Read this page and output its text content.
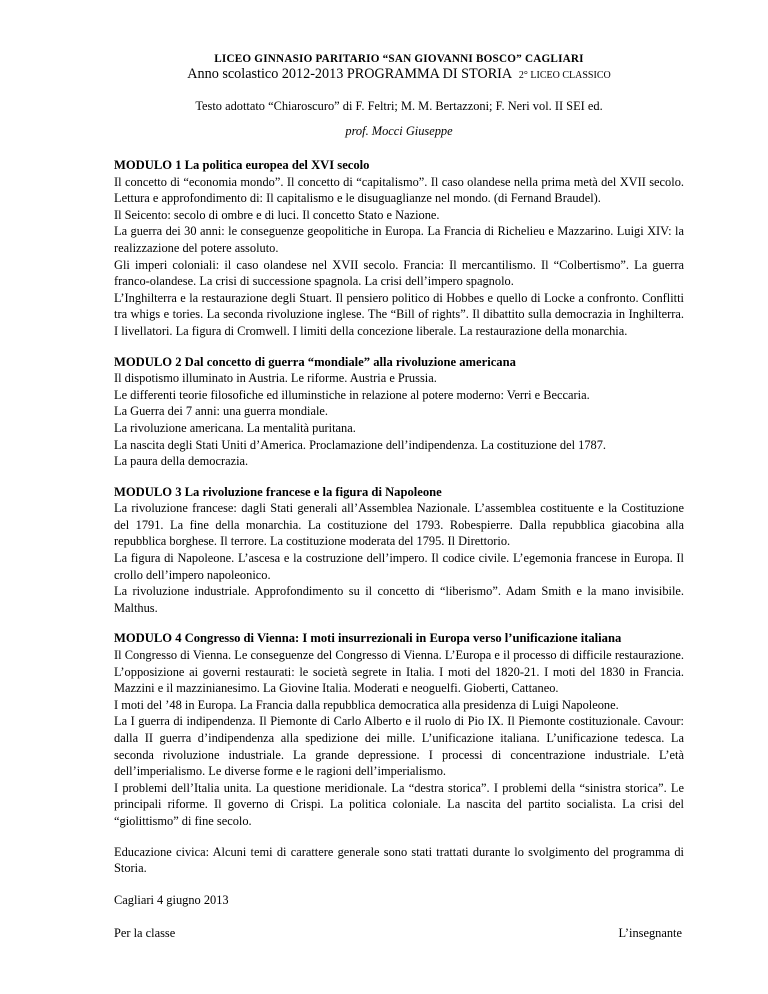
LICEO GINNASIO PARITARIO “SAN GIOVANNI BOSCO” CAGLIARI
Anno scolastico 2012-2013 PROGRAMMA DI STORIA 2° LICEO CLASSICO
Testo adottato “Chiaroscuro” di F. Feltri; M. M. Bertazzoni; F. Neri vol. II SEI ed.
prof. Mocci Giuseppe
MODULO 1 La politica europea del XVI secolo

Il concetto di “economia mondo”. Il concetto di “capitalismo”. Il caso olandese nella prima metà del XVII secolo. Lettura e approfondimento di: Il capitalismo e le disuguaglianze nel mondo. (di Fernand Braudel).

Il Seicento: secolo di ombre e di luci. Il concetto Stato e Nazione.

La guerra dei 30 anni: le conseguenze geopolitiche in Europa. La Francia di Richelieu e Mazzarino. Luigi XIV: la realizzazione del potere assoluto.

Gli imperi coloniali: il caso olandese nel XVII secolo. Francia: Il mercantilismo. Il “Colbertismo”. La guerra franco-olandese. La crisi di successione spagnola. La crisi dell’impero spagnolo.

L’Inghilterra e la restaurazione degli Stuart. Il pensiero politico di Hobbes e quello di Locke a confronto. Conflitti tra whigs e tories. La seconda rivoluzione inglese. The “Bill of rights”. Il dibattito sulla democrazia in Inghilterra. I livellatori. La figura di Cromwell. I limiti della concezione liberale. La restaurazione della monarchia.

MODULO 2 Dal concetto di guerra “mondiale” alla rivoluzione americana

Il dispotismo illuminato in Austria. Le riforme. Austria e Prussia.

Le differenti teorie filosofiche ed illuminstiche in relazione al potere moderno: Verri e Beccaria.

La Guerra dei 7 anni: una guerra mondiale.

La rivoluzione americana. La mentalità puritana.

La nascita degli Stati Uniti d’America. Proclamazione dell’indipendenza. La costituzione del 1787.

La paura della democrazia.

MODULO 3 La rivoluzione francese e la figura di Napoleone

La rivoluzione francese: dagli Stati generali all’Assemblea Nazionale. L’assemblea costituente e la Costituzione del 1791. La fine della monarchia. La costituzione del 1793. Robespierre. Dalla repubblica giacobina alla repubblica borghese. Il terrore. La costituzione moderata del 1795. Il Direttorio.

La figura di Napoleone. L’ascesa e la costruzione dell’impero. Il codice civile. L’egemonia francese in Europa. Il crollo dell’impero napoleonico.

La rivoluzione industriale. Approfondimento su il concetto di “liberismo”. Adam Smith e la mano invisibile. Malthus.

MODULO 4 Congresso di Vienna: I moti insurrezionali in Europa verso l’unificazione italiana

Il Congresso di Vienna. Le conseguenze del Congresso di Vienna. L’Europa e il processo di difficile restaurazione. L’opposizione ai governi restaurati: le società segrete in Italia. I moti del 1820-21. I moti del 1830 in Francia. Mazzini e il mazzinianesimo. La Giovine Italia. Moderati e neoguelfi. Gioberti, Cattaneo.

I moti del ’48 in Europa. La Francia dalla repubblica democratica alla presidenza di Luigi Napoleone.

La I guerra di indipendenza. Il Piemonte di Carlo Alberto e il ruolo di Pio IX. Il Piemonte costituzionale. Cavour: dalla II guerra d’indipendenza alla spedizione dei mille. L’unificazione italiana. L’unificazione tedesca. La seconda rivoluzione industriale. La grande depressione. I processi di concentrazione industriale. L’età dell’imperialismo. Le diverse forme e le ragioni dell’imperialismo.

I problemi dell’Italia unita. La questione meridionale. La “destra storica”. I problemi della “sinistra storica”. Le principali riforme. Il governo di Crispi. La politica coloniale. La nascita del partito socialista. La crisi del “giolittismo” di fine secolo.

Educazione civica: Alcuni temi di carattere generale sono stati trattati durante lo svolgimento del programma di Storia.

Cagliari 4 giugno 2013
Per la classe	L’insegnante
